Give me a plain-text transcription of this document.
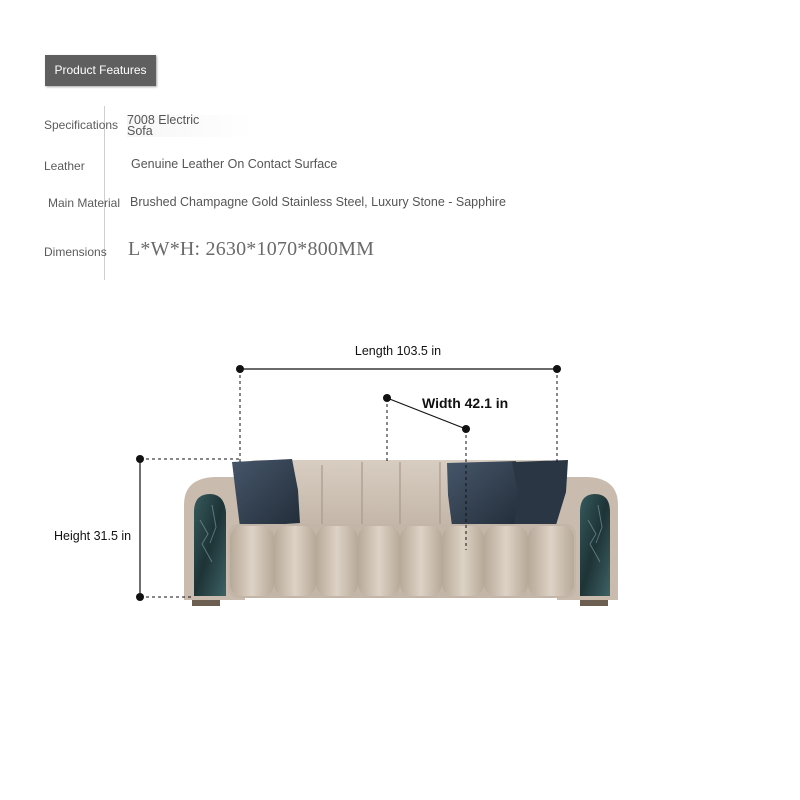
Product Features
Specifications 7008 Electric
Sofa
Leather	Genuine Leather On Contact Surface
Main Material Brushed Champagne Gold Stainless Steel, Luxury Stone - Sapphire
Dimensions L*W*H: 2630*1070*800MM
Length 103.5 in
Width 42.1 in
Height 31.5 in
